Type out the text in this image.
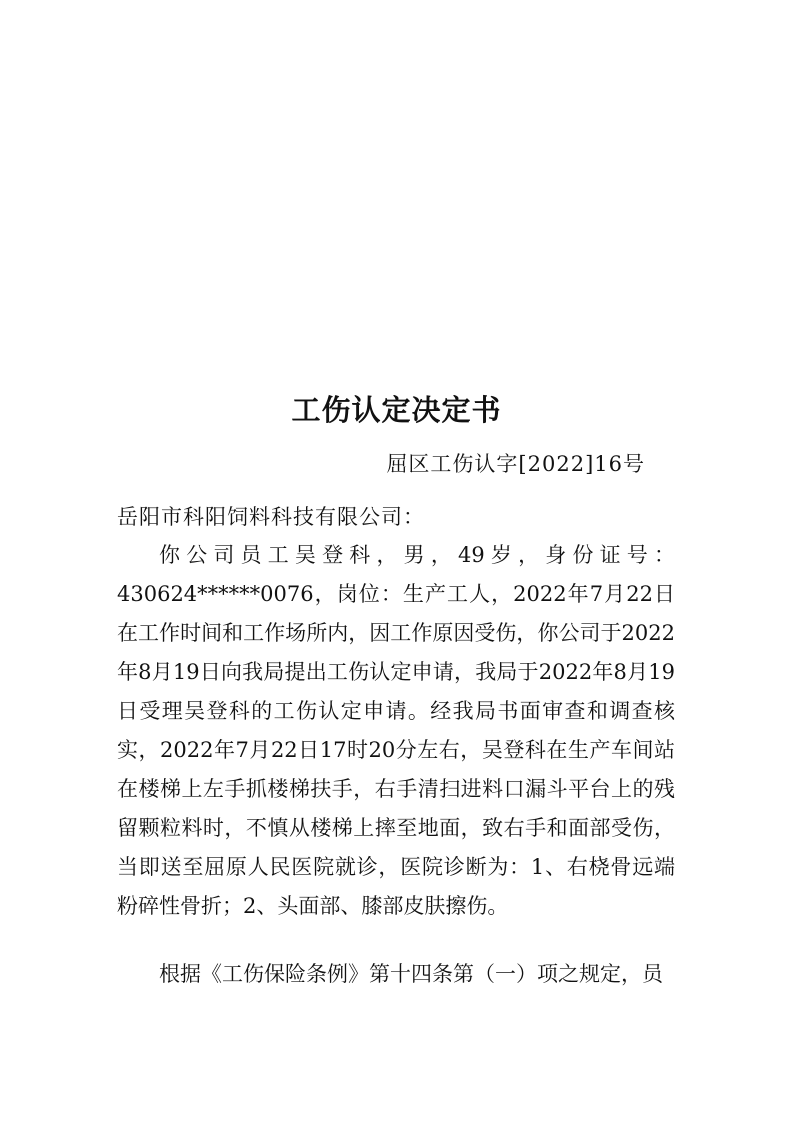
工伤认定决定书
屈区工伤认字[2022]16号
岳阳市科阳饲料科技有限公司：

你公司员工吴登科，男，49岁，身份证号：430624******0076，岗位：生产工人，2022年7月22日在工作时间和工作场所内，因工作原因受伤，你公司于2022年8月19日向我局提出工伤认定申请，我局于2022年8月19日受理吴登科的工伤认定申请。经我局书面审查和调查核实，2022年7月22日17时20分左右，吴登科在生产车间站在楼梯上左手抓楼梯扶手，右手清扫进料口漏斗平台上的残留颗粒料时，不慎从楼梯上摔至地面，致右手和面部受伤，当即送至屈原人民医院就诊，医院诊断为：1、右桡骨远端粉碎性骨折；2、头面部、膝部皮肤擦伤。

根据《工伤保险条例》第十四条第（一）项之规定，员
